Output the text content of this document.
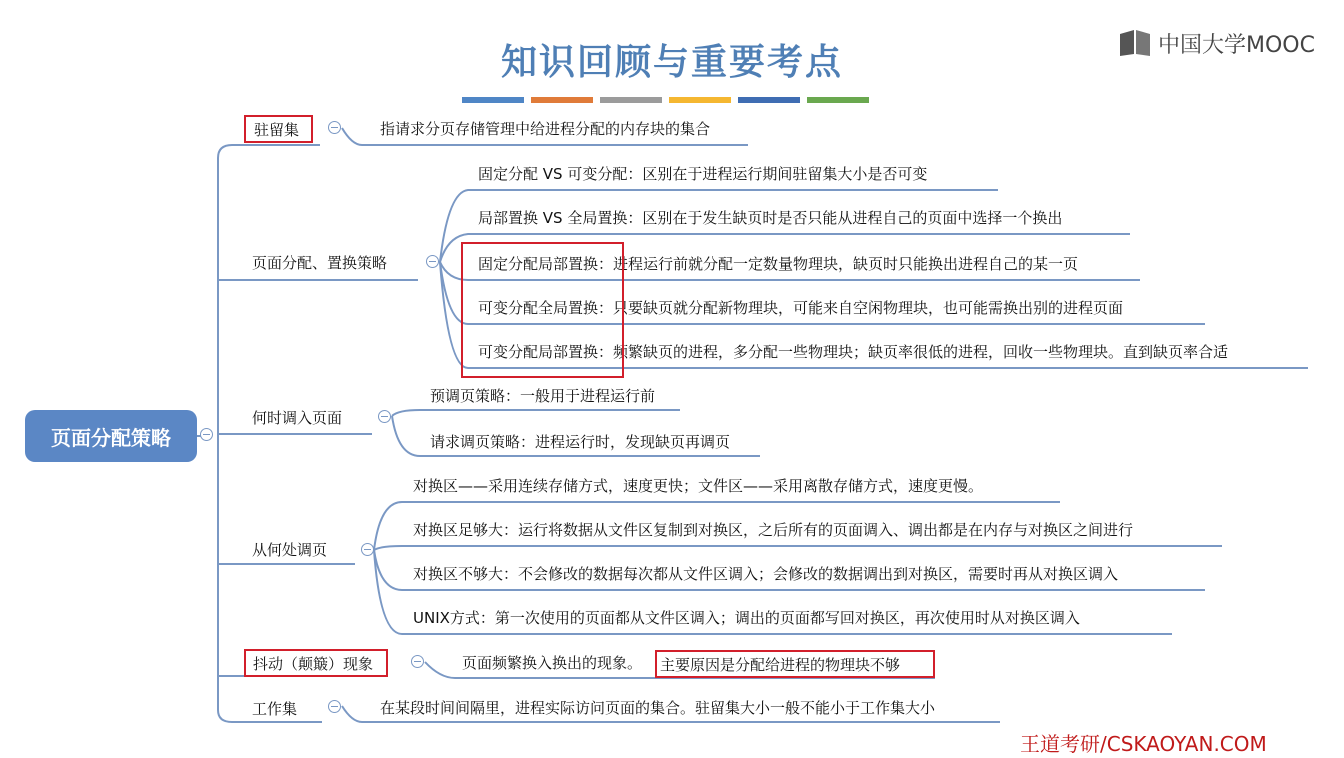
知识回顾与重要考点	中国大学MOOC
页面分配策略
驻留集	指请求分页存储管理中给进程分配的内存块的集合
页面分配、置换策略
固定分配 VS 可变分配：区别在于进程运行期间驻留集大小是否可变
局部置换 VS 全局置换：区别在于发生缺页时是否只能从进程自己的页面中选择一个换出
固定分配局部置换：进程运行前就分配一定数量物理块，缺页时只能换出进程自己的某一页
可变分配全局置换：只要缺页就分配新物理块，可能来自空闲物理块，也可能需换出别的进程页面
可变分配局部置换：频繁缺页的进程，多分配一些物理块；缺页率很低的进程，回收一些物理块。直到缺页率合适
何时调入页面
预调页策略：一般用于进程运行前
请求调页策略：进程运行时，发现缺页再调页
从何处调页
对换区——采用连续存储方式，速度更快；文件区——采用离散存储方式，速度更慢。
对换区足够大：运行将数据从文件区复制到对换区，之后所有的页面调入、调出都是在内存与对换区之间进行
对换区不够大：不会修改的数据每次都从文件区调入；会修改的数据调出到对换区，需要时再从对换区调入
UNIX方式：第一次使用的页面都从文件区调入；调出的页面都写回对换区，再次使用时从对换区调入
抖动（颠簸）现象	页面频繁换入换出的现象。	主要原因是分配给进程的物理块不够
工作集	在某段时间间隔里，进程实际访问页面的集合。驻留集大小一般不能小于工作集大小
王道考研/CSKAOYAN.COM
